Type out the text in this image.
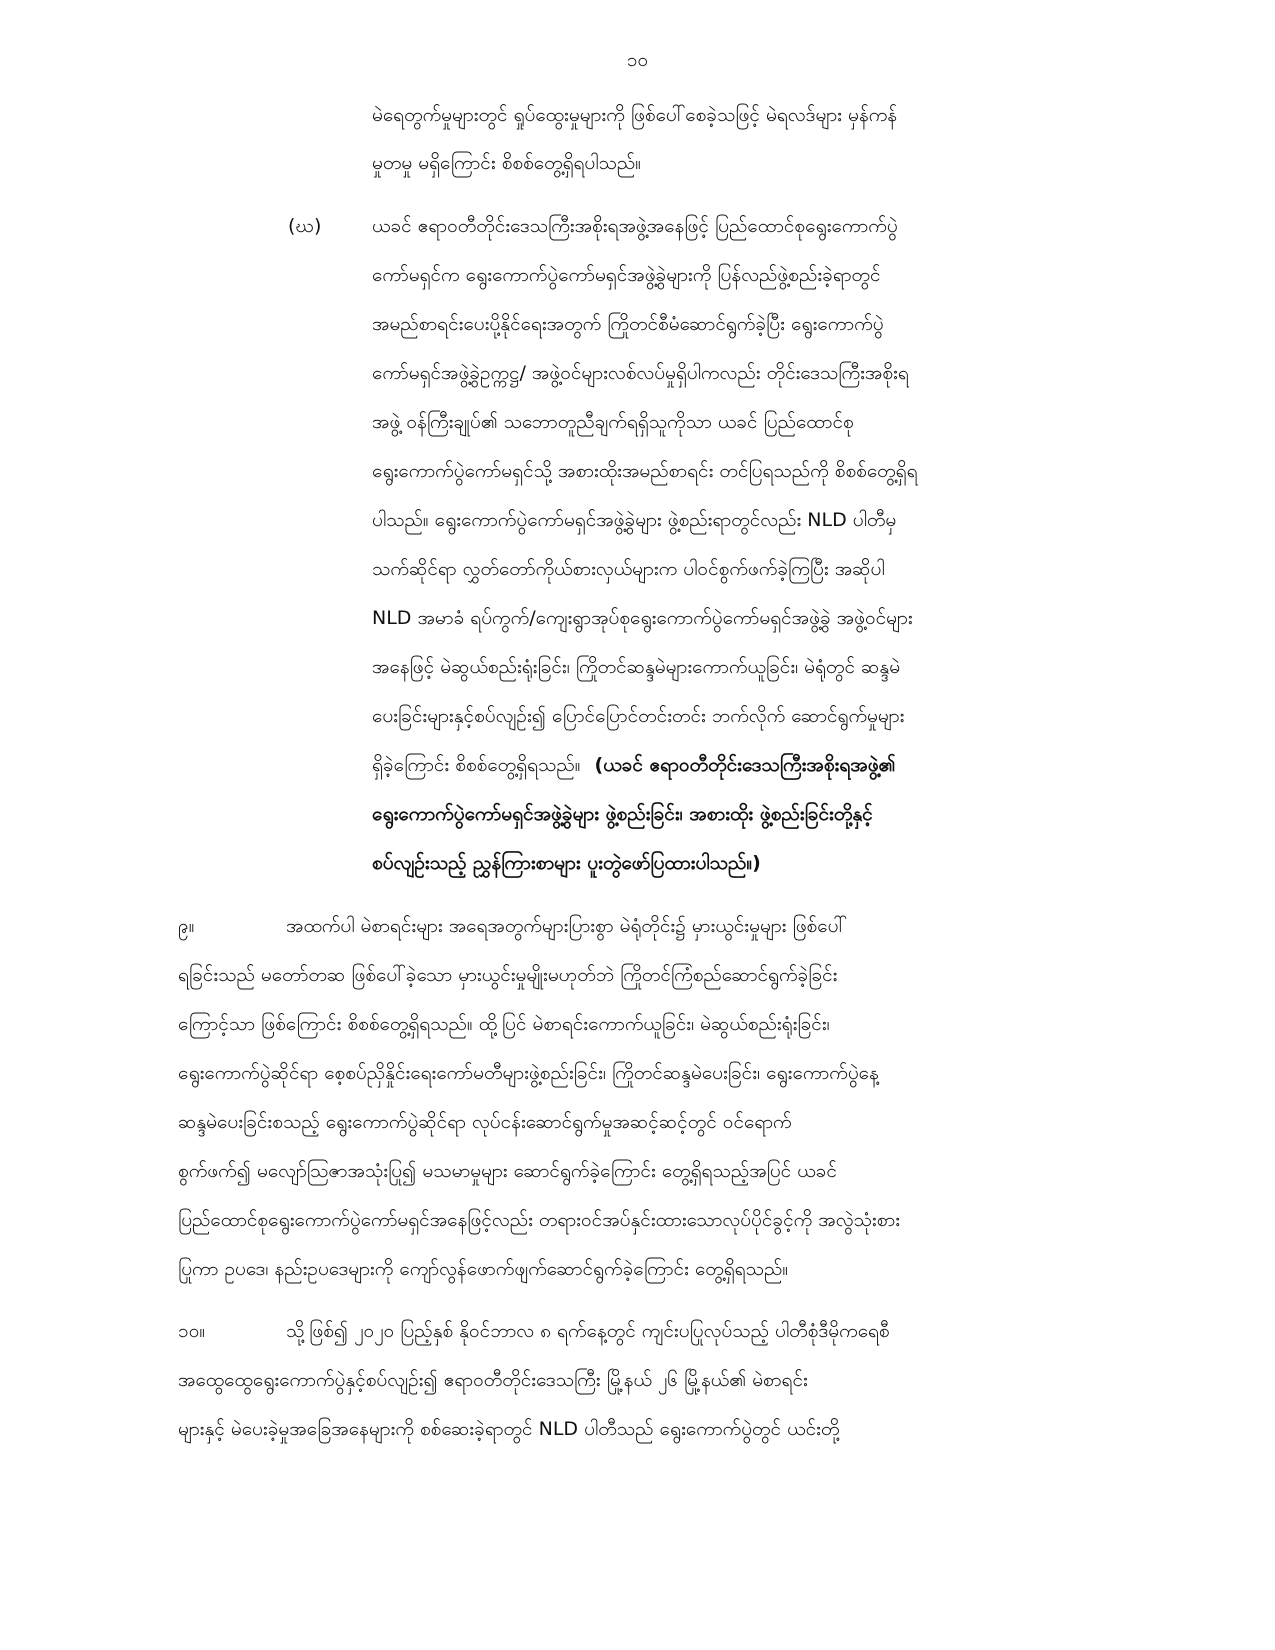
၁၀
မဲရေတွက်မှုများတွင် ရှုပ်ထွေးမှုများကို ဖြစ်ပေါ်စေခဲ့သဖြင့် မဲရလဒ်များ မှန်ကန်
မှုတမှု မရှိကြောင်း စိစစ်တွေ့ရှိရပါသည်။
(ဃ)	ယခင် ဧရာဝတီတိုင်းဒေသကြီးအစိုးရအဖွဲ့အနေဖြင့် ပြည်ထောင်စုရွေးကောက်ပွဲ
ကော်မရှင်က ရွေးကောက်ပွဲကော်မရှင်အဖွဲ့ခွဲများကို ပြန်လည်ဖွဲ့စည်းခဲ့ရာတွင်
အမည်စာရင်းပေးပို့နိုင်ရေးအတွက် ကြိုတင်စီမံဆောင်ရွက်ခဲ့ပြီး ရွေးကောက်ပွဲ
ကော်မရှင်အဖွဲ့ခွဲဥက္ကဋ္ဌ/ အဖွဲ့ဝင်များလစ်လပ်မှုရှိပါကလည်း တိုင်းဒေသကြီးအစိုးရ
အဖွဲ့ ဝန်ကြီးချုပ်၏ သဘောတူညီချက်ရရှိသူကိုသာ ယခင် ပြည်ထောင်စု
ရွေးကောက်ပွဲကော်မရှင်သို့ အစားထိုးအမည်စာရင်း တင်ပြရသည်ကို စိစစ်တွေ့ရှိရ
ပါသည်။ ရွေးကောက်ပွဲကော်မရှင်အဖွဲ့ခွဲများ ဖွဲ့စည်းရာတွင်လည်း NLD ပါတီမှ
သက်ဆိုင်ရာ လွှတ်တော်ကိုယ်စားလှယ်များက ပါဝင်စွက်ဖက်ခဲ့ကြပြီး အဆိုပါ
NLD အမာခံ ရပ်ကွက်/ကျေးရွာအုပ်စုရွေးကောက်ပွဲကော်မရှင်အဖွဲ့ခွဲ အဖွဲ့ဝင်များ
အနေဖြင့် မဲဆွယ်စည်းရုံးခြင်း၊ ကြိုတင်ဆန္ဒမဲများကောက်ယူခြင်း၊ မဲရုံတွင် ဆန္ဒမဲ
ပေးခြင်းများနှင့်စပ်လျဉ်း၍ ပြောင်ပြောင်တင်းတင်း ဘက်လိုက် ဆောင်ရွက်မှုများ
ရှိခဲ့ကြောင်း စိစစ်တွေ့ရှိရသည်။ (ယခင် ဧရာဝတီတိုင်းဒေသကြီးအစိုးရအဖွဲ့၏
ရွေးကောက်ပွဲကော်မရှင်အဖွဲ့ခွဲများ ဖွဲ့စည်းခြင်း၊ အစားထိုး ဖွဲ့စည်းခြင်းတို့နှင့်
စပ်လျဉ်းသည့် ညွှန်ကြားစာများ ပူးတွဲဖော်ပြထားပါသည်။)
၉။	အထက်ပါ မဲစာရင်းများ အရေအတွက်များပြားစွာ မဲရုံတိုင်း၌ မှားယွင်းမှုများ ဖြစ်ပေါ်
ရခြင်းသည် မတော်တဆ ဖြစ်ပေါ်ခဲ့သော မှားယွင်းမှုမျိုးမဟုတ်ဘဲ ကြိုတင်ကြံစည်ဆောင်ရွက်ခဲ့ခြင်း
ကြောင့်သာ ဖြစ်ကြောင်း စိစစ်တွေ့ရှိရသည်။ ထို့ပြင် မဲစာရင်းကောက်ယူခြင်း၊ မဲဆွယ်စည်းရုံးခြင်း၊
ရွေးကောက်ပွဲဆိုင်ရာ စေ့စပ်ညှိနှိုင်းရေးကော်မတီများဖွဲ့စည်းခြင်း၊ ကြိုတင်ဆန္ဒမဲပေးခြင်း၊ ရွေးကောက်ပွဲနေ့
ဆန္ဒမဲပေးခြင်းစသည့် ရွေးကောက်ပွဲဆိုင်ရာ လုပ်ငန်းဆောင်ရွက်မှုအဆင့်ဆင့်တွင် ဝင်ရောက်
စွက်ဖက်၍ မလျော်သြဇာအသုံးပြု၍ မသမာမှုများ ဆောင်ရွက်ခဲ့ကြောင်း တွေ့ရှိရသည့်အပြင် ယခင်
ပြည်ထောင်စုရွေးကောက်ပွဲကော်မရှင်အနေဖြင့်လည်း တရားဝင်အပ်နှင်းထားသောလုပ်ပိုင်ခွင့်ကို အလွဲသုံးစား
ပြုကာ ဥပဒေ၊ နည်းဥပဒေများကို ကျော်လွန်ဖောက်ဖျက်ဆောင်ရွက်ခဲ့ကြောင်း တွေ့ရှိရသည်။
၁၀။	သို့ဖြစ်၍ ၂၀၂၀ ပြည့်နှစ် နိုဝင်ဘာလ ၈ ရက်နေ့တွင် ကျင်းပပြုလုပ်သည့် ပါတီစုံဒီမိုကရေစီ
အထွေထွေရွေးကောက်ပွဲနှင့်စပ်လျဉ်း၍ ဧရာဝတီတိုင်းဒေသကြီး မြို့နယ် ၂၆ မြို့နယ်၏ မဲစာရင်း
များနှင့် မဲပေးခဲ့မှုအခြေအနေများကို စစ်ဆေးခဲ့ရာတွင် NLD ပါတီသည် ရွေးကောက်ပွဲတွင် ယင်းတို့
